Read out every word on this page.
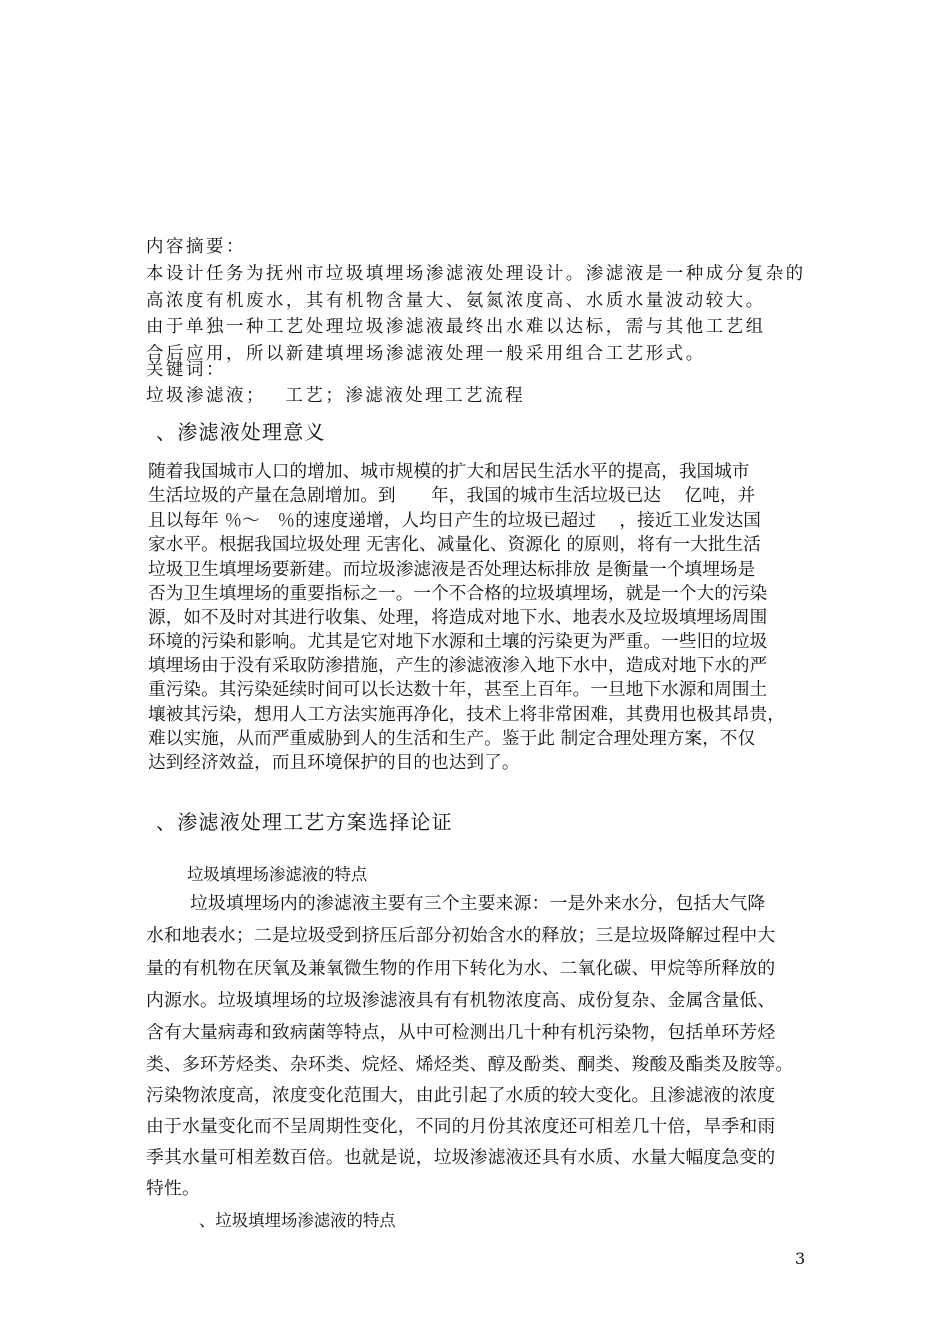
内容摘要：
本设计任务为抚州市垃圾填埋场渗滤液处理设计。渗滤液是一种成分复杂的
高浓度有机废水，其有机物含量大、氨氮浓度高、水质水量波动较大。
由于单独一种工艺处理垃圾渗滤液最终出水难以达标，需与其他工艺组
合后应用，所以新建填埋场渗滤液处理一般采用组合工艺形式。
关键词：
垃圾渗滤液；　 工艺；渗滤液处理工艺流程
、渗滤液处理意义
随着我国城市人口的增加、城市规模的扩大和居民生活水平的提高，我国城市
生活垃圾的产量在急剧增加。到　　年，我国的城市生活垃圾已达　 亿吨，并
且以每年 ％～　％的速度递增，人均日产生的垃圾已超过　 ，接近工业发达国
家水平。根据我国垃圾处理 无害化、减量化、资源化 的原则，将有一大批生活
垃圾卫生填埋场要新建。而垃圾渗滤液是否处理达标排放 是衡量一个填埋场是
否为卫生填埋场的重要指标之一。一个不合格的垃圾填埋场，就是一个大的污染
源，如不及时对其进行收集、处理，将造成对地下水、地表水及垃圾填埋场周围
环境的污染和影响。尤其是它对地下水源和土壤的污染更为严重。一些旧的垃圾
填埋场由于没有采取防渗措施，产生的渗滤液渗入地下水中，造成对地下水的严
重污染。其污染延续时间可以长达数十年，甚至上百年。一旦地下水源和周围土
壤被其污染，想用人工方法实施再净化，技术上将非常困难，其费用也极其昂贵，
难以实施，从而严重威胁到人的生活和生产。鉴于此 制定合理处理方案，不仅
达到经济效益，而且环境保护的目的也达到了。
、渗滤液处理工艺方案选择论证
垃圾填埋场渗滤液的特点
垃圾填埋场内的渗滤液主要有三个主要来源：一是外来水分，包括大气降
水和地表水；二是垃圾受到挤压后部分初始含水的释放；三是垃圾降解过程中大
量的有机物在厌氧及兼氧微生物的作用下转化为水、二氧化碳、甲烷等所释放的
内源水。垃圾填埋场的垃圾渗滤液具有有机物浓度高、成份复杂、金属含量低、
含有大量病毒和致病菌等特点，从中可检测出几十种有机污染物，包括单环芳烃
类、多环芳烃类、杂环类、烷烃、烯烃类、醇及酚类、酮类、羧酸及酯类及胺等。
污染物浓度高，浓度变化范围大，由此引起了水质的较大变化。且渗滤液的浓度
由于水量变化而不呈周期性变化，不同的月份其浓度还可相差几十倍，旱季和雨
季其水量可相差数百倍。也就是说，垃圾渗滤液还具有水质、水量大幅度急变的
特性。
、垃圾填埋场渗滤液的特点
3
